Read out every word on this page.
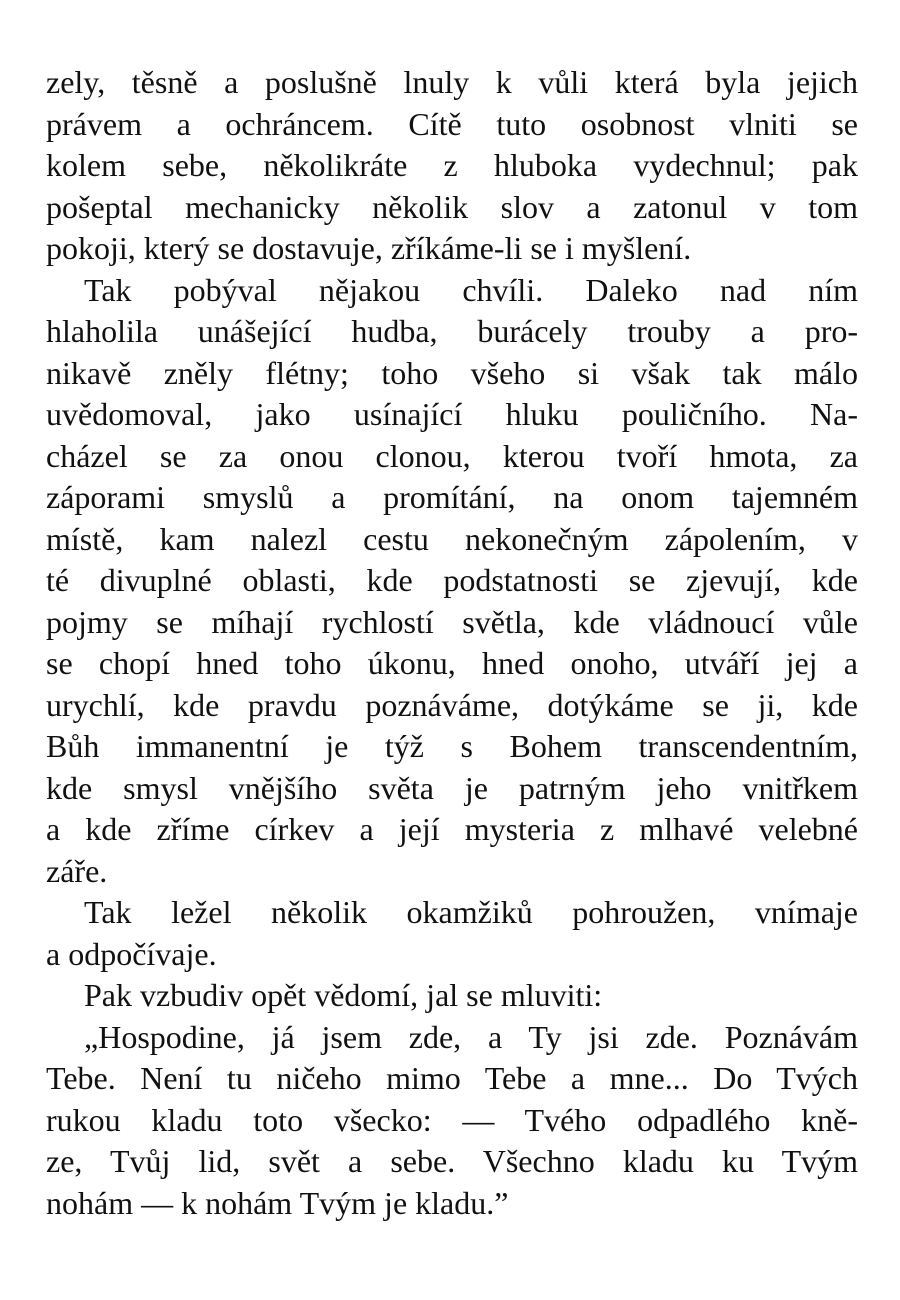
zely, těsně a poslušně lnuly k vůli která byla jejich
právem a ochráncem. Cítě tuto osobnost vlniti se
kolem sebe, několikráte z hluboka vydechnul; pak
pošeptal mechanicky několik slov a zatonul v tom
pokoji, který se dostavuje, zříkáme-li se i myšlení.
Tak pobýval nějakou chvíli. Daleko nad ním
hlaholila unášející hudba, burácely trouby a pro-
nikavě zněly flétny; toho všeho si však tak málo
uvědomoval, jako usínající hluku pouličního. Na-
cházel se za onou clonou, kterou tvoří hmota, za
záporami smyslů a promítání, na onom tajemném
místě, kam nalezl cestu nekonečným zápolením, v
té divuplné oblasti, kde podstatnosti se zjevují, kde
pojmy se míhají rychlostí světla, kde vládnoucí vůle
se chopí hned toho úkonu, hned onoho, utváří jej a
urychlí, kde pravdu poznáváme, dotýkáme se ji, kde
Bůh immanentní je týž s Bohem transcendentním,
kde smysl vnějšího světa je patrným jeho vnitřkem
a kde zříme církev a její mysteria z mlhavé velebné
záře.
Tak ležel několik okamžiků pohroužen, vnímaje
a odpočívaje.
Pak vzbudiv opět vědomí, jal se mluviti:
„Hospodine, já jsem zde, a Ty jsi zde. Poznávám
Tebe. Není tu ničeho mimo Tebe a mne... Do Tvých
rukou kladu toto všecko: — Tvého odpadlého kně-
ze, Tvůj lid, svět a sebe. Všechno kladu ku Tvým
nohám — k nohám Tvým je kladu.”
